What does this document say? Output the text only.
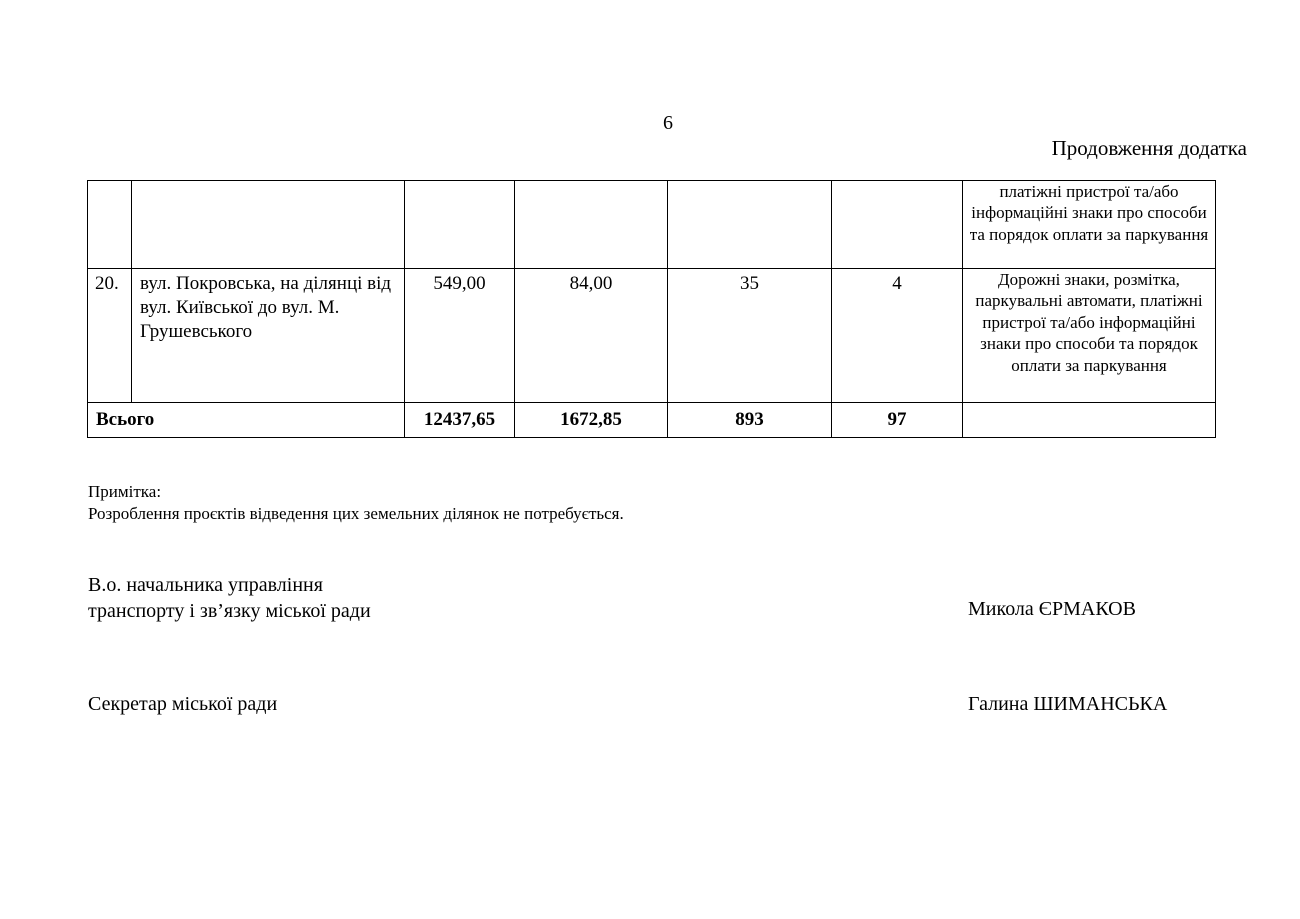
6
Продовження додатка
						платіжні пристрої та/або інформаційні знаки про способи та порядок оплати за паркування
20.	вул. Покровська, на ділянці від вул. Київської до вул. М. Грушевського	549,00	84,00	35	4	Дорожні знаки, розмітка, паркувальні автомати, платіжні пристрої та/або інформаційні знаки про способи та порядок оплати за паркування
Всього		12437,65	1672,85	893	97	
Примітка:
Розроблення проєктів відведення цих земельних ділянок не потребується.
В.о. начальника управління
транспорту і зв’язку міської ради	Микола ЄРМАКОВ
Секретар міської ради	Галина ШИМАНСЬКА
